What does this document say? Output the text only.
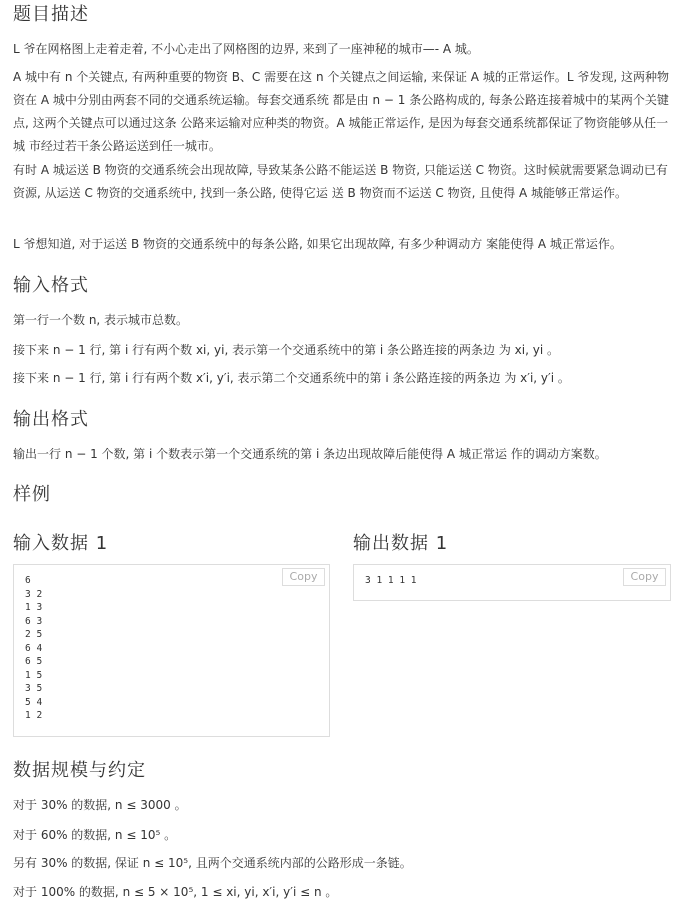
题目描述

L 爷在网格图上走着走着, 不小心走出了网格图的边界, 来到了一座神秘的城市—- A 城。

A 城中有 n 个关键点, 有两种重要的物资 B、C 需要在这 n 个关键点之间运输, 来保证 A 城的正常运作。L 爷发现, 这两种物资在 A 城中分别由两套不同的交通系统运输。每套交通系统 都是由 n − 1 条公路构成的, 每条公路连接着城中的某两个关键点, 这两个关键点可以通过这条 公路来运输对应种类的物资。A 城能正常运作, 是因为每套交通系统都保证了物资能够从任一城 市经过若干条公路运送到任一城市。

有时 A 城运送 B 物资的交通系统会出现故障, 导致某条公路不能运送 B 物资, 只能运送 C 物资。这时候就需要紧急调动已有资源, 从运送 C 物资的交通系统中, 找到一条公路, 使得它运 送 B 物资而不运送 C 物资, 且使得 A 城能够正常运作。

L 爷想知道, 对于运送 B 物资的交通系统中的每条公路, 如果它出现故障, 有多少种调动方 案能使得 A 城正常运作。

输入格式

第一行一个数 n, 表示城市总数。

接下来 n − 1 行, 第 i 行有两个数 xi, yi, 表示第一个交通系统中的第 i 条公路连接的两条边 为 xi, yi 。

接下来 n − 1 行, 第 i 行有两个数 x′i, y′i, 表示第二个交通系统中的第 i 条公路连接的两条边 为 x′i, y′i 。

输出格式

输出一行 n − 1 个数, 第 i 个数表示第一个交通系统的第 i 条边出现故障后能使得 A 城正常运 作的调动方案数。

样例
输入数据 1	输出数据 1
6
3 2
1 3
6 3
2 5
6 4
6 5
1 5
3 5
5 4
1 2
Copy	3 1 1 1 1	Copy
数据规模与约定

对于 30% 的数据, n ≤ 3000 。

对于 60% 的数据, n ≤ 10⁵ 。

另有 30% 的数据, 保证 n ≤ 10⁵, 且两个交通系统内部的公路形成一条链。

对于 100% 的数据, n ≤ 5 × 10⁵, 1 ≤ xi, yi, x′i, y′i ≤ n 。
